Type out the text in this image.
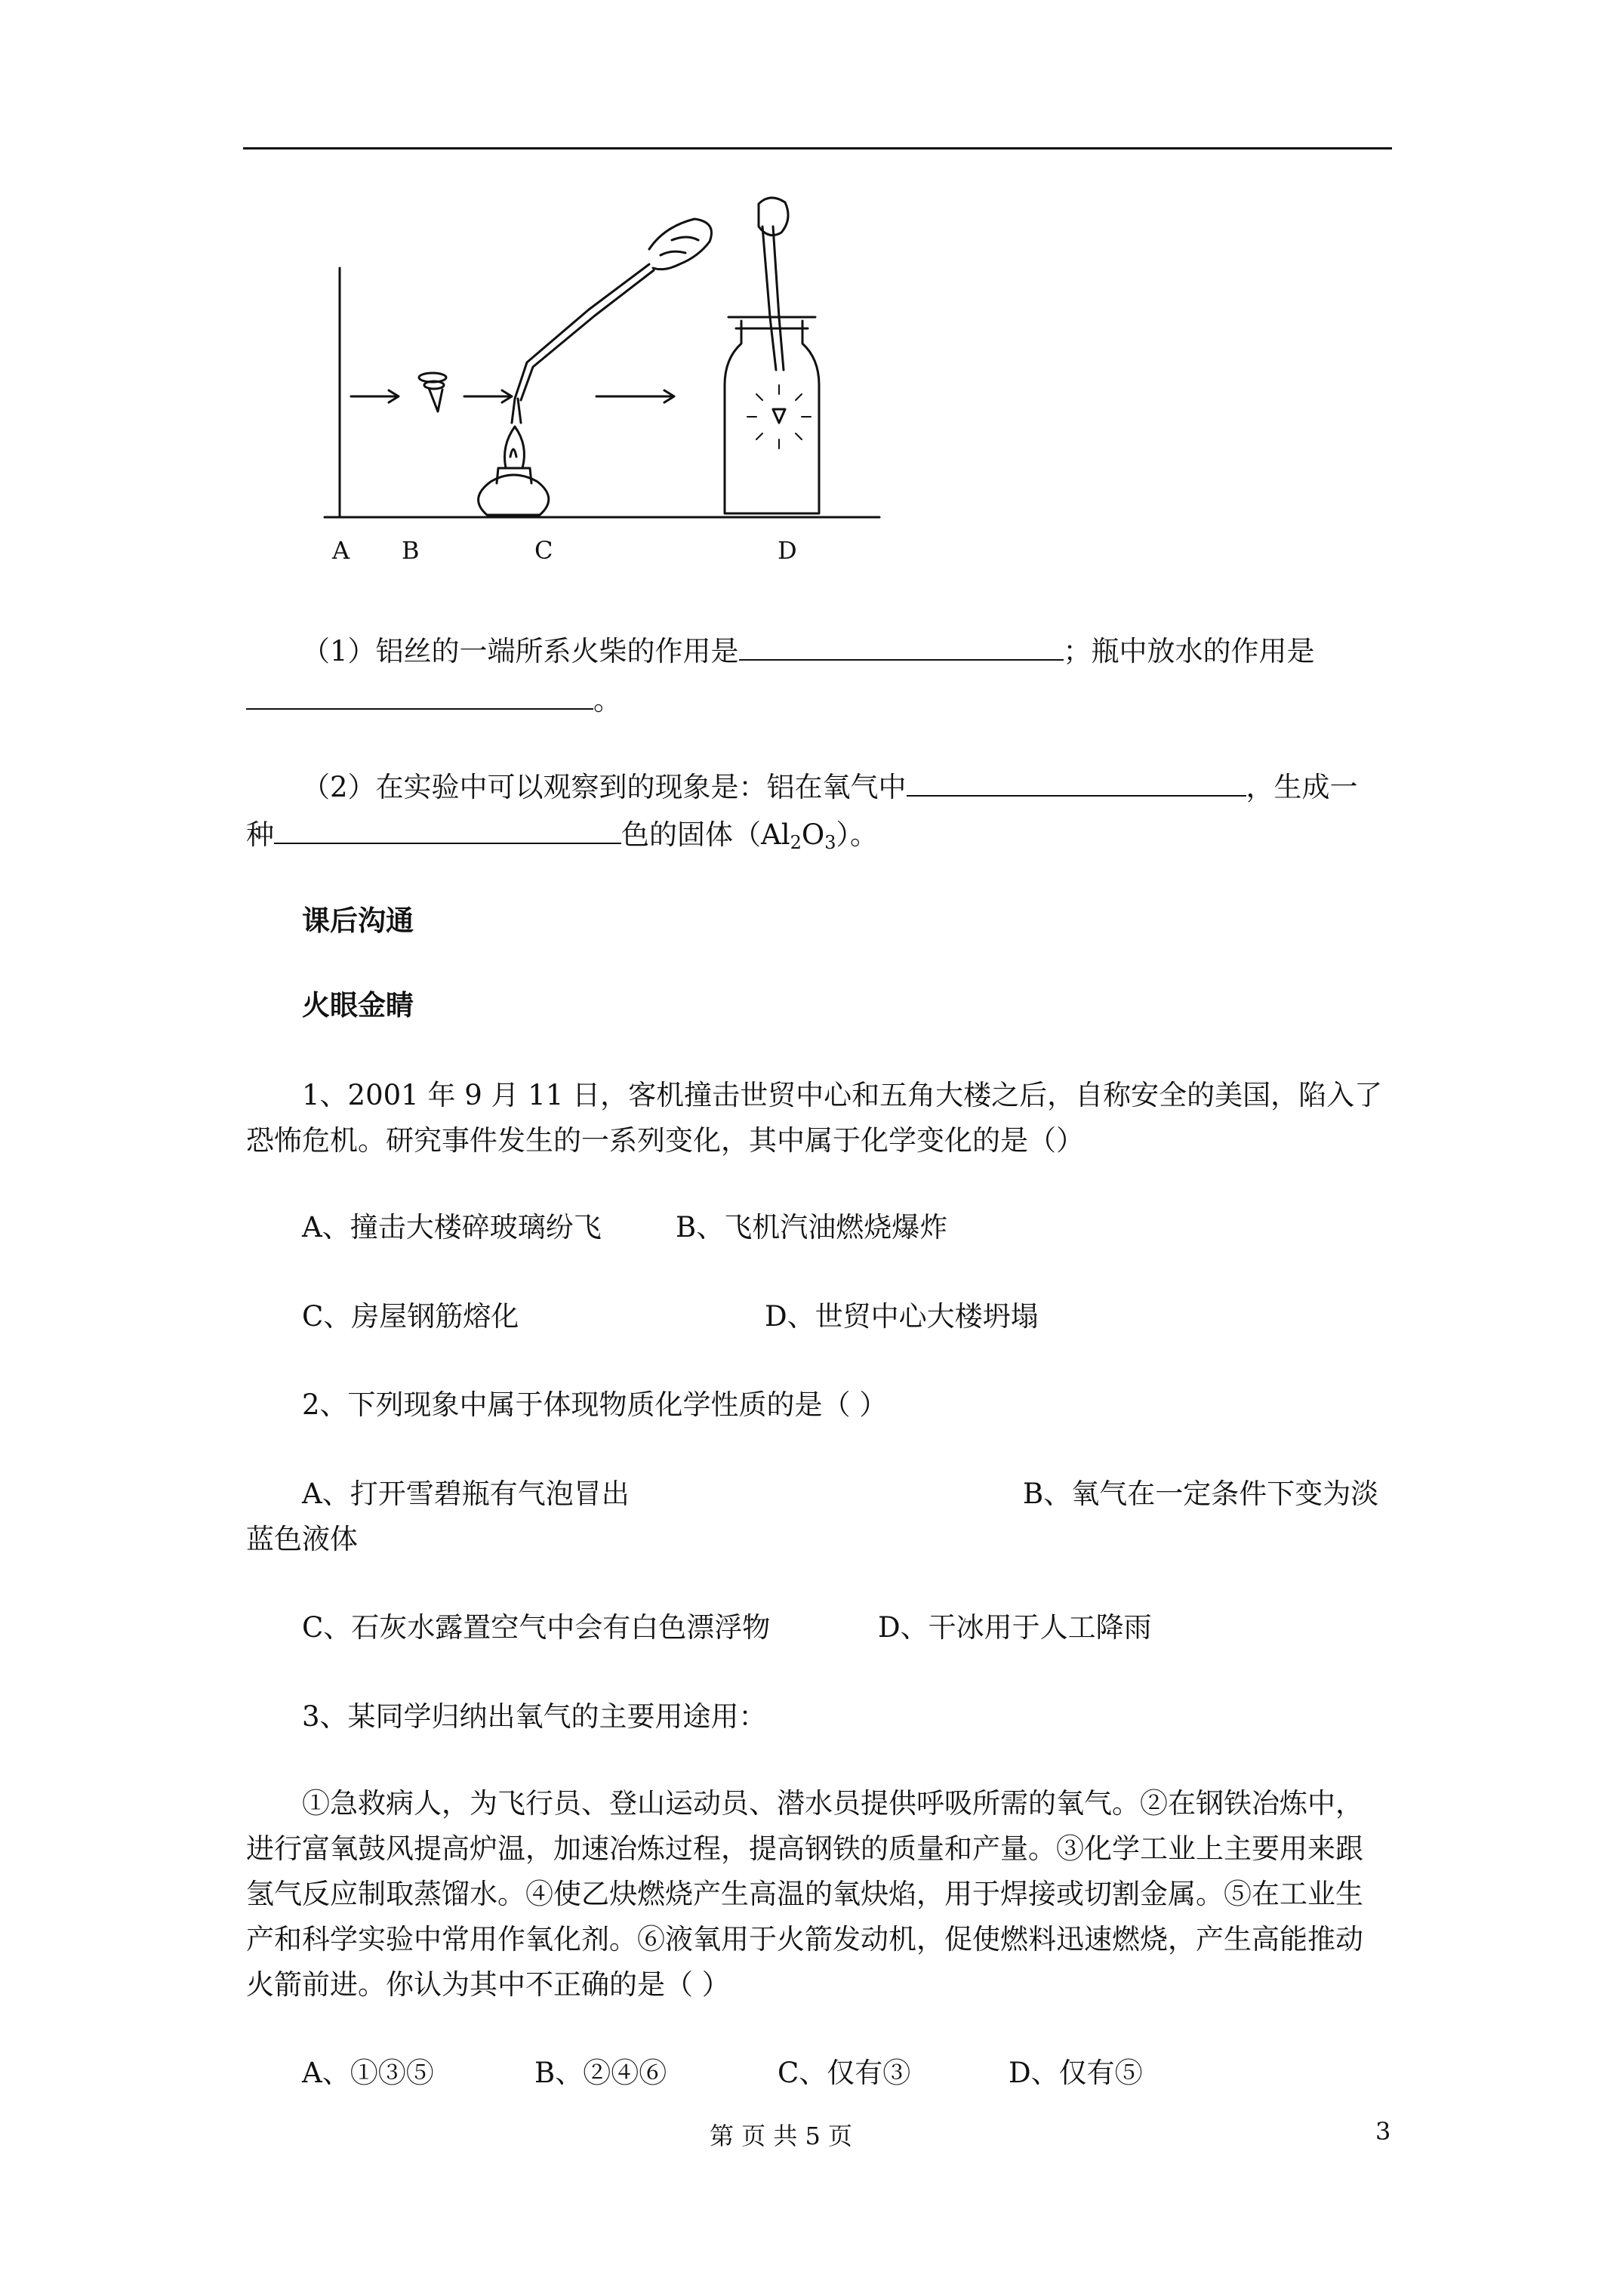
A B	C	D
（1）铝丝的一端所系火柴的作用是	；瓶中放水的作用是
。
（2）在实验中可以观察到的现象是：铝在氧气中	，生成一
种	色的固体$(Al_2O_3)$。
课后沟通
火眼金睛
1、2001 年 9 月 11 日，客机撞击世贸中心和五角大楼之后，自称安全的美国，陷入了
恐怖危机。研究事件发生的一系列变化，其中属于化学变化的是（）
A、撞击大楼碎玻璃纷飞	B、飞机汽油燃烧爆炸
C、房屋钢筋熔化	D、世贸中心大楼坍塌
2、下列现象中属于体现物质化学性质的是（ ）
A、打开雪碧瓶有气泡冒出	B、氧气在一定条件下变为淡
蓝色液体
C、石灰水露置空气中会有白色漂浮物	D、干冰用于人工降雨
3、某同学归纳出氧气的主要用途用：
①急救病人，为飞行员、登山运动员、潜水员提供呼吸所需的氧气。②在钢铁冶炼中，
进行富氧鼓风提高炉温，加速冶炼过程，提高钢铁的质量和产量。③化学工业上主要用来跟
氢气反应制取蒸馏水。④使乙炔燃烧产生高温的氧炔焰，用于焊接或切割金属。⑤在工业生
产和科学实验中常用作氧化剂。⑥液氧用于火箭发动机，促使燃料迅速燃烧，产生高能推动
火箭前进。你认为其中不正确的是（ ）
A、①③⑤	B、②④⑥	C、仅有③	D、仅有⑤
第 页 共 5 页	3
